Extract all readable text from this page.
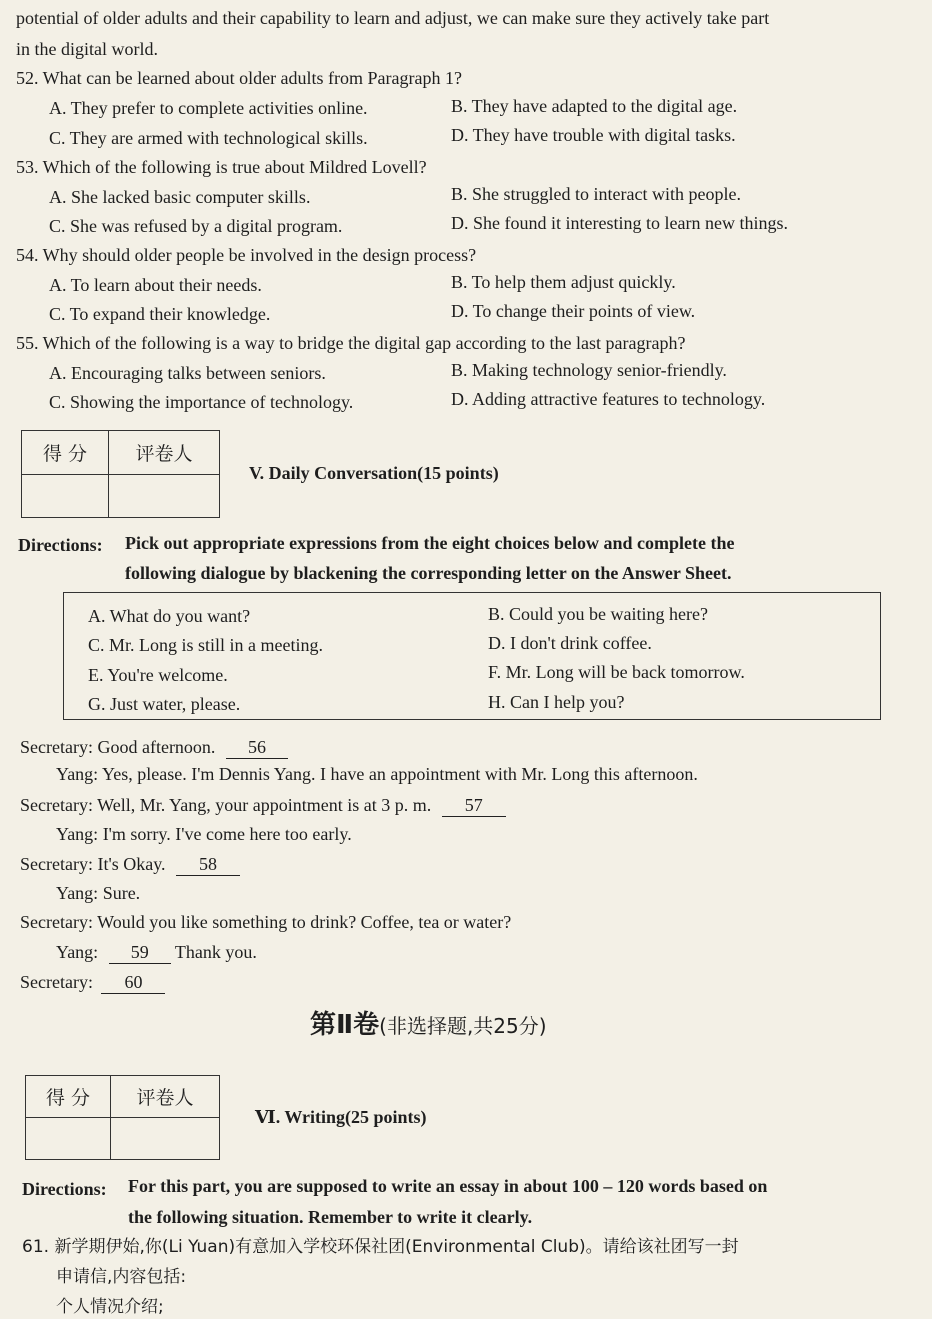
potential of older adults and their capability to learn and adjust, we can make sure they actively take part
in the digital world.
52. What can be learned about older adults from Paragraph 1?
A. They prefer to complete activities online.	B. They have adapted to the digital age.
C. They are armed with technological skills.	D. They have trouble with digital tasks.
53. Which of the following is true about Mildred Lovell?
A. She lacked basic computer skills.	B. She struggled to interact with people.
C. She was refused by a digital program.	D. She found it interesting to learn new things.
54. Why should older people be involved in the design process?
A. To learn about their needs.	B. To help them adjust quickly.
C. To expand their knowledge.	D. To change their points of view.
55. Which of the following is a way to bridge the digital gap according to the last paragraph?
A. Encouraging talks between seniors.	B. Making technology senior-friendly.
C. Showing the importance of technology.	D. Adding attractive features to technology.
得 分	评卷人

V. Daily Conversation(15 points)
Directions: Pick out appropriate expressions from the eight choices below and complete the
following dialogue by blackening the corresponding letter on the Answer Sheet.
A. What do you want?	B. Could you be waiting here?
C. Mr. Long is still in a meeting.	D. I don't drink coffee.
E. You're welcome.	F. Mr. Long will be back tomorrow.
G. Just water, please.	H. Can I help you?
Secretary: Good afternoon. 56
Yang: Yes, please. I'm Dennis Yang. I have an appointment with Mr. Long this afternoon.
Secretary: Well, Mr. Yang, your appointment is at 3 p. m. 57
Yang: I'm sorry. I've come here too early.
Secretary: It's Okay. 58
Yang: Sure.
Secretary: Would you like something to drink? Coffee, tea or water?
Yang: 59 Thank you.
Secretary: 60
第Ⅱ卷(非选择题,共25分)
得 分	评卷人

Ⅵ. Writing(25 points)
Directions: For this part, you are supposed to write an essay in about 100 – 120 words based on
the following situation. Remember to write it clearly.
61. 新学期伊始,你(Li Yuan)有意加入学校环保社团(Environmental Club)。请给该社团写一封
申请信,内容包括:
个人情况介绍;
